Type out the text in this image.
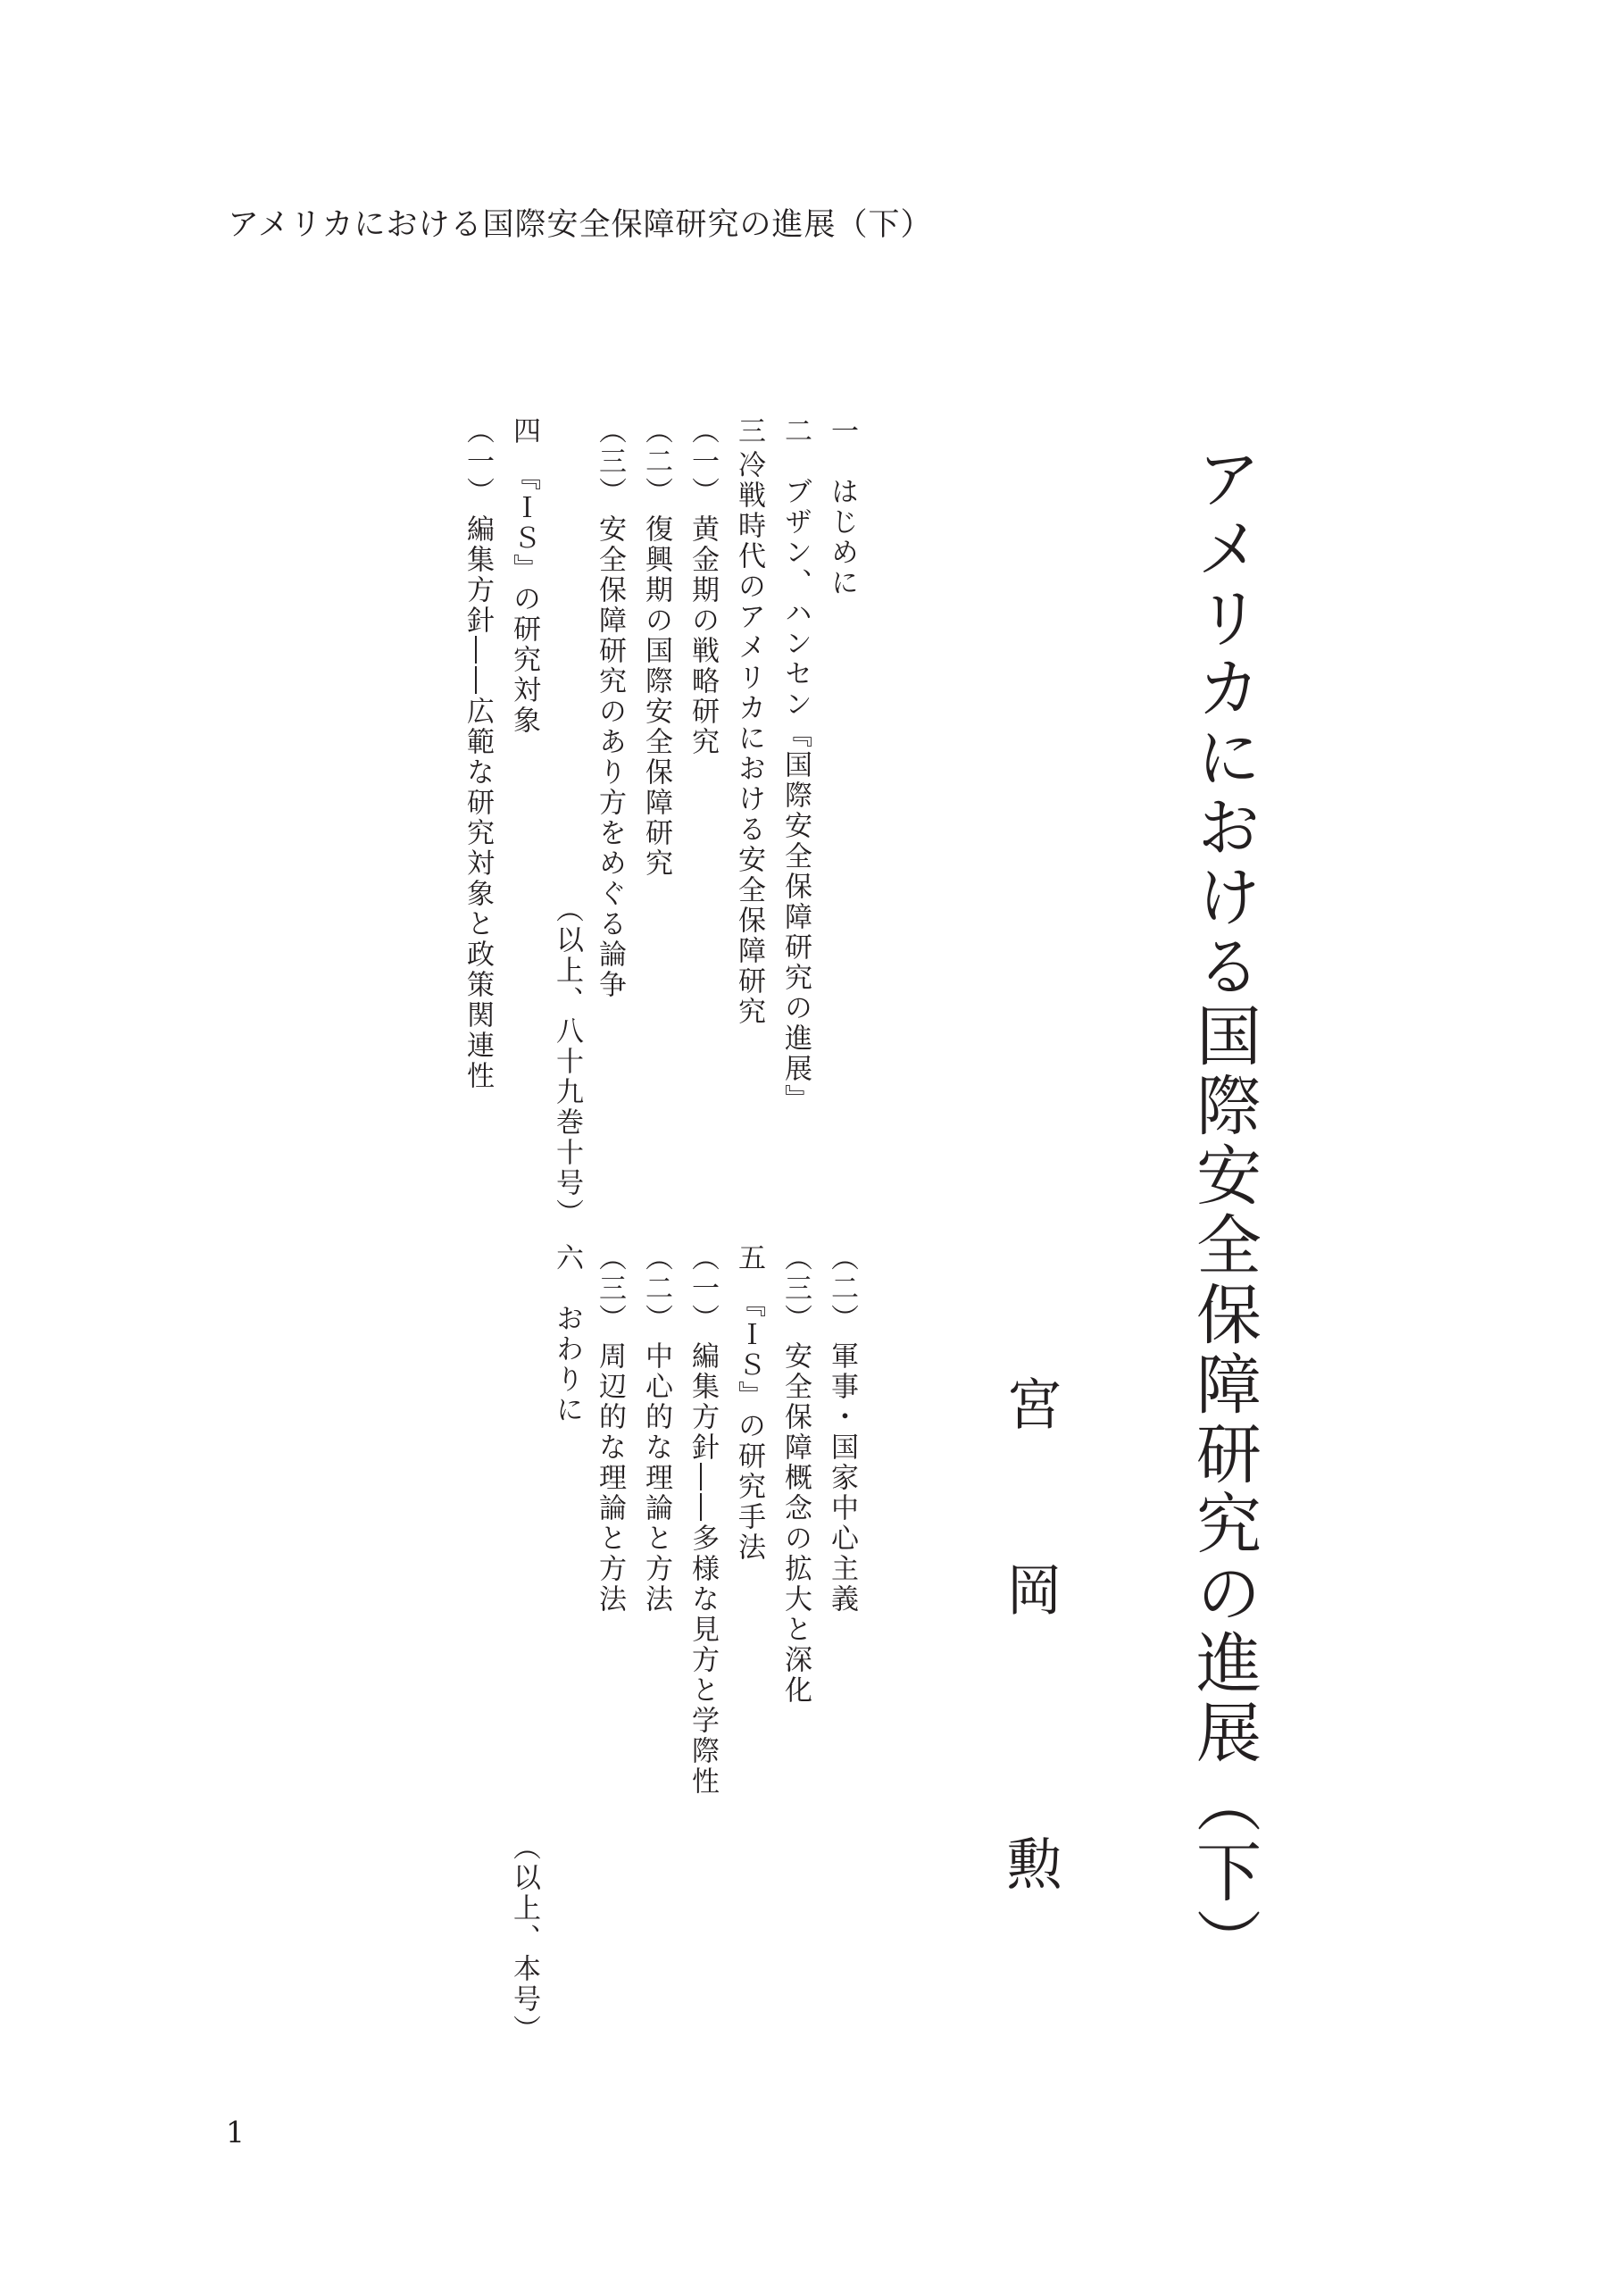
アメリカにおける国際安全保障研究の進展（下）
アメリカにおける国際安全保障研究の進展（下）
宮
岡
勲
一はじめに
二ブザン、ハンセン『国際安全保障研究の進展』
三冷戦時代のアメリカにおける安全保障研究
（一）黄金期の戦略研究
（二）復興期の国際安全保障研究
（三）安全保障研究のあり方をめぐる論争
（以上、八十九巻十号）
四『ＩＳ』の研究対象
（一）編集方針――広範な研究対象と政策関連性
（二）軍事・国家中心主義
（三）安全保障概念の拡大と深化
五『ＩＳ』の研究手法
（一）編集方針――多様な見方と学際性
（二）中心的な理論と方法
（三）周辺的な理論と方法
六おわりに
（以上、本号）
1
